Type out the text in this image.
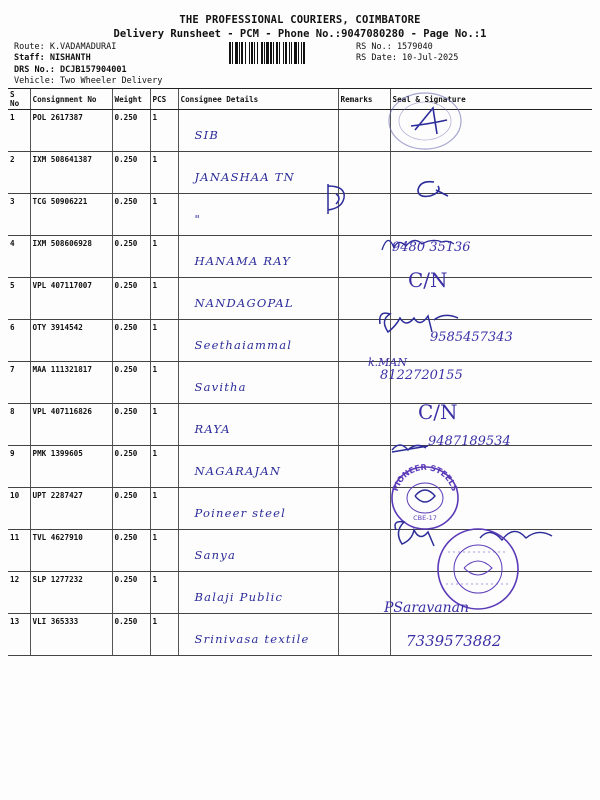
THE PROFESSIONAL COURIERS, COIMBATORE
Delivery Runsheet - PCM - Phone No.:9047080280 - Page No.:1
Route: K.VADAMADURAI
Staff: NISHANTH
DRS No.: DCJB157904001
Vehicle: Two Wheeler Delivery
RS No.: 1579040
RS Date: 10-Jul-2025
S No	Consignment No	Weight	PCS	Consignee Details	Remarks	Seal & Signature
1	POL 2617387	0.250	1	SIB		

2	IXM 508641387	0.250	1	JANASHAA TN		

3	TCG 50906221	0.250	1	"		

4	IXM 508606928	0.250	1	HANAMA RAY		

5	VPL 407117007	0.250	1	NANDAGOPAL		

6	OTY 3914542	0.250	1	Seethaiammal		

7	MAA 111321817	0.250	1	Savitha		

8	VPL 407116826	0.250	1	RAYA		

9	PMK 1399605	0.250	1	NAGARAJAN		

10	UPT 2287427	0.250	1	Poineer steel		

11	TVL 4627910	0.250	1	Sanya		

12	SLP 1277232	0.250	1	Balaji Public		

13	VLI 365333	0.250	1	Srinivasa textile		

9480 35136
C/N
9585457343
k.MAN
8122720155
C/N
9487189534
PIONEER STEELS
CBE-17
PSaravanan
7339573882
